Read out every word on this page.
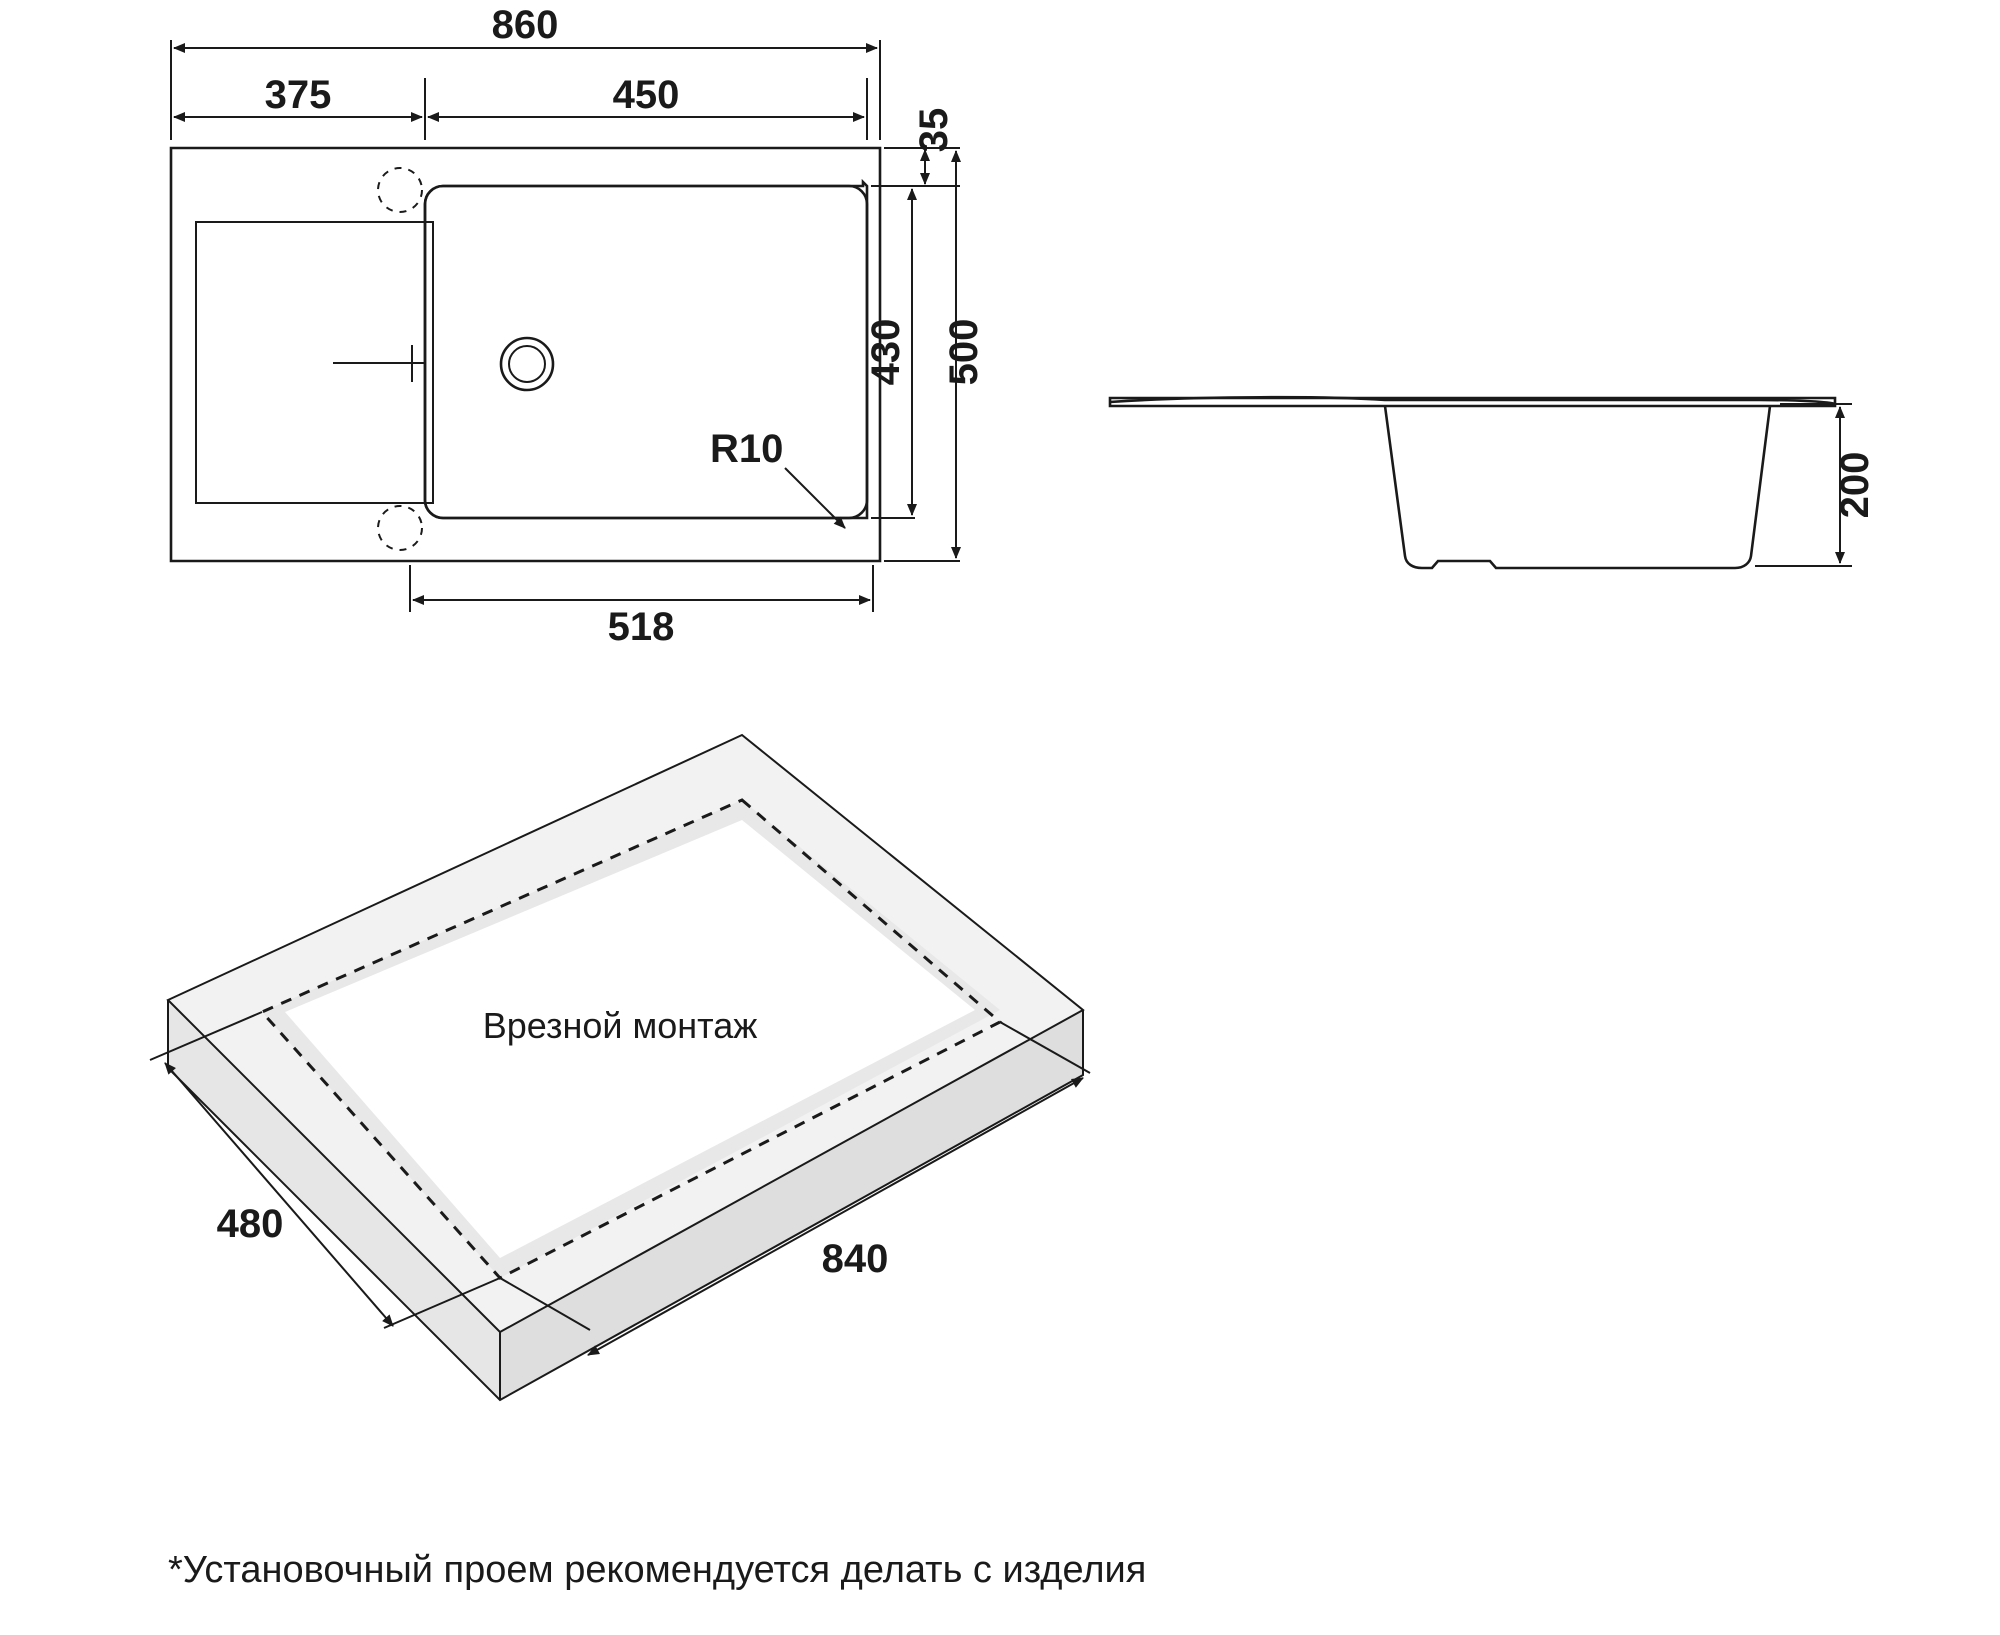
860
375	450
35
430 500
518
R10
200
Врезной монтаж
480
840
*Установочный проем рекомендуется делать с изделия
